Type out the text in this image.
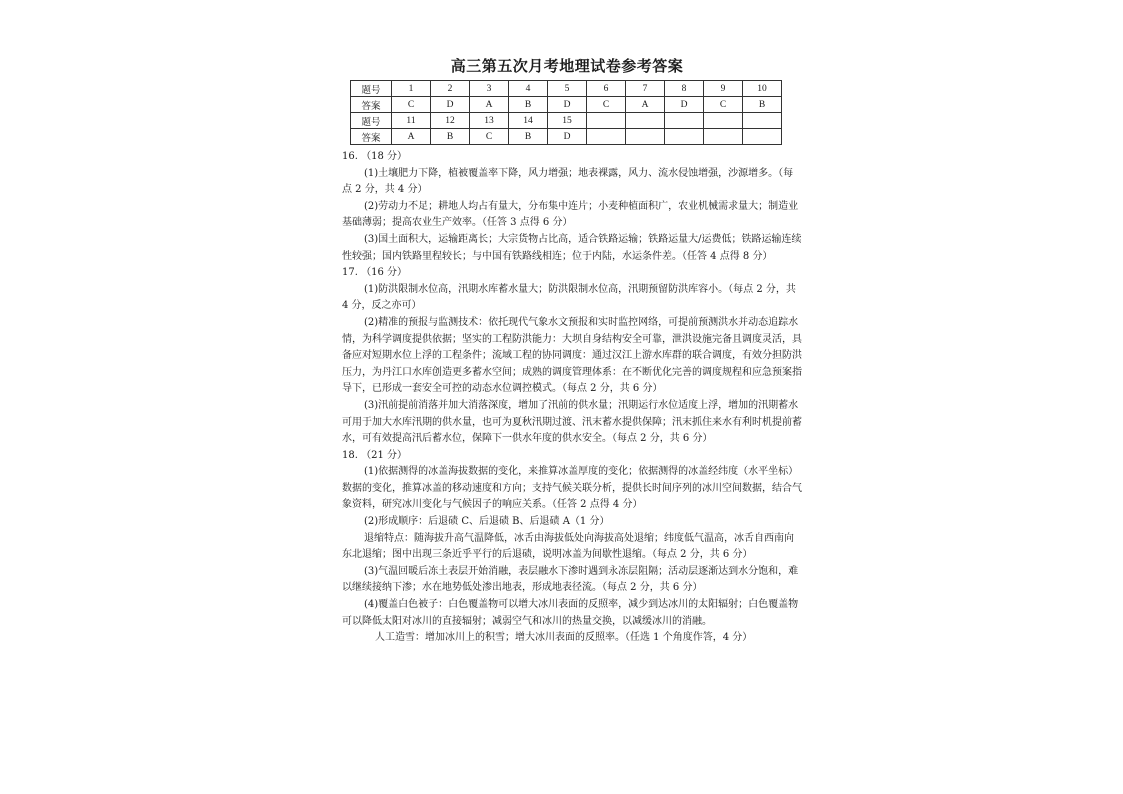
高三第五次月考地理试卷参考答案
题号	1	2	3	4	5	6	7	8	9	10
答案	C	D	A	B	D	C	A	D	C	B
题号	11	12	13	14	15					
答案	A	B	C	B	D					

16. （18 分）

(1)土壤肥力下降，植被覆盖率下降，风力增强；地表裸露，风力、流水侵蚀增强，沙源增多。（每点 2 分，共 4 分）

(2)劳动力不足；耕地人均占有量大，分布集中连片；小麦种植面积广，农业机械需求量大；制造业基础薄弱；提高农业生产效率。（任答 3 点得 6 分）

(3)国土面积大，运输距离长；大宗货物占比高，适合铁路运输；铁路运量大/运费低；铁路运输连续性较强；国内铁路里程较长；与中国有铁路线相连；位于内陆，水运条件差。（任答 4 点得 8 分）

17. （16 分）

(1)防洪限制水位高，汛期水库蓄水量大；防洪限制水位高，汛期预留防洪库容小。（每点 2 分，共 4 分，反之亦可）

(2)精准的预报与监测技术：依托现代气象水文预报和实时监控网络，可提前预测洪水并动态追踪水情，为科学调度提供依据；坚实的工程防洪能力：大坝自身结构安全可靠，泄洪设施完备且调度灵活，具备应对短期水位上浮的工程条件；流域工程的协同调度：通过汉江上游水库群的联合调度，有效分担防洪压力，为丹江口水库创造更多蓄水空间；成熟的调度管理体系：在不断优化完善的调度规程和应急预案指导下，已形成一套安全可控的动态水位调控模式。（每点 2 分，共 6 分）

(3)汛前提前消落并加大消落深度，增加了汛前的供水量；汛期运行水位适度上浮，增加的汛期蓄水可用于加大水库汛期的供水量，也可为夏秋汛期过渡、汛末蓄水提供保障；汛末抓住来水有利时机提前蓄水，可有效提高汛后蓄水位，保障下一供水年度的供水安全。（每点 2 分，共 6 分）

18. （21 分）

(1)依据测得的冰盖海拔数据的变化，来推算冰盖厚度的变化；依据测得的冰盖经纬度（水平坐标）数据的变化，推算冰盖的移动速度和方向；支持气候关联分析，提供长时间序列的冰川空间数据，结合气象资料，研究冰川变化与气候因子的响应关系。（任答 2 点得 4 分）

(2)形成顺序：后退碛 C、后退碛 B、后退碛 A（1 分）

退缩特点：随海拔升高气温降低，冰舌由海拔低处向海拔高处退缩；纬度低气温高，冰舌自西南向东北退缩；图中出现三条近乎平行的后退碛，说明冰盖为间歇性退缩。（每点 2 分，共 6 分）

(3)气温回暖后冻土表层开始消融，表层融水下渗时遇到永冻层阻隔；活动层逐渐达到水分饱和，难以继续接纳下渗；水在地势低处渗出地表，形成地表径流。（每点 2 分，共 6 分）

(4)覆盖白色被子：白色覆盖物可以增大冰川表面的反照率，减少到达冰川的太阳辐射；白色覆盖物可以降低太阳对冰川的直接辐射；减弱空气和冰川的热量交换，以减缓冰川的消融。

人工造雪：增加冰川上的积雪；增大冰川表面的反照率。（任选 1 个角度作答，4 分）
